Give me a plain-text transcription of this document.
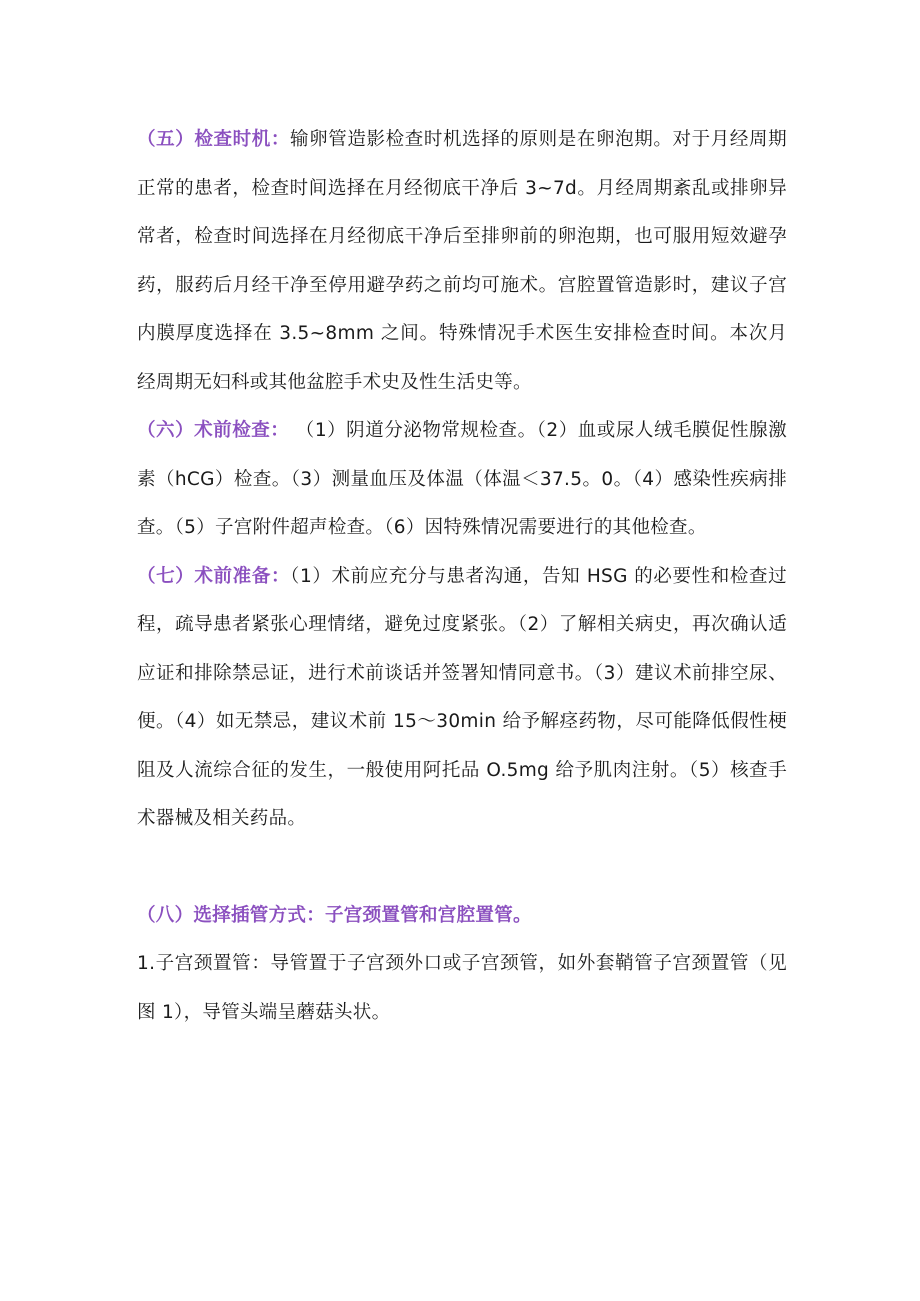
（五）检查时机：输卵管造影检查时机选择的原则是在卵泡期。对于月经周期正常的患者，检查时间选择在月经彻底干净后 3~7d。月经周期紊乱或排卵异常者，检查时间选择在月经彻底干净后至排卵前的卵泡期，也可服用短效避孕药，服药后月经干净至停用避孕药之前均可施术。宫腔置管造影时，建议子宫内膜厚度选择在 3.5~8mm 之间。特殊情况手术医生安排检查时间。本次月经周期无妇科或其他盆腔手术史及性生活史等。

（六）术前检查： （1）阴道分泌物常规检查。（2）血或尿人绒毛膜促性腺激素（hCG）检查。（3）测量血压及体温（体温＜37.5。0。（4）感染性疾病排查。（5）子宫附件超声检查。（6）因特殊情况需要进行的其他检查。

（七）术前准备：（1）术前应充分与患者沟通，告知 HSG 的必要性和检查过程，疏导患者紧张心理情绪，避免过度紧张。（2）了解相关病史，再次确认适应证和排除禁忌证，进行术前谈话并签署知情同意书。（3）建议术前排空尿、便。（4）如无禁忌，建议术前 15～30min 给予解痉药物，尽可能降低假性梗阻及人流综合征的发生，一般使用阿托品 O.5mg 给予肌肉注射。（5）核查手术器械及相关药品。

（八）选择插管方式：子宫颈置管和宫腔置管。

1.子宫颈置管：导管置于子宫颈外口或子宫颈管，如外套鞘管子宫颈置管（见图 1），导管头端呈蘑菇头状。
